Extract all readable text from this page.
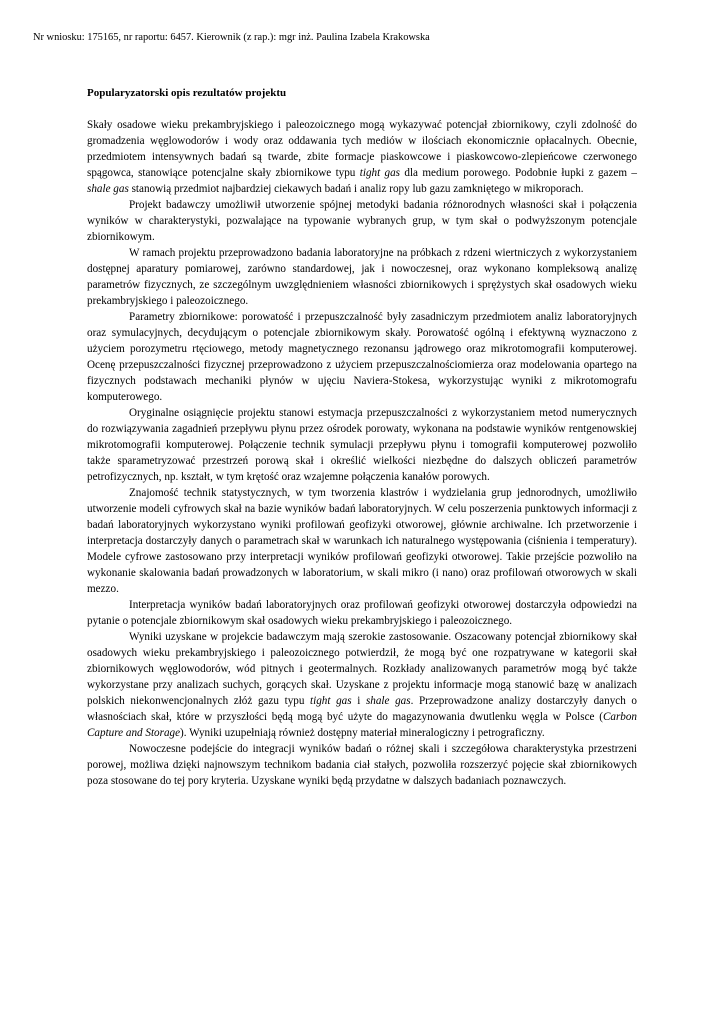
Nr wniosku: 175165, nr raportu: 6457. Kierownik (z rap.): mgr inż. Paulina Izabela Krakowska
Popularyzatorski opis rezultatów projektu

Skały osadowe wieku prekambryjskiego i paleozoicznego mogą wykazywać potencjał zbiornikowy, czyli zdolność do gromadzenia węglowodorów i wody oraz oddawania tych mediów w ilościach ekonomicznie opłacalnych. Obecnie, przedmiotem intensywnych badań są twarde, zbite formacje piaskowcowe i piaskowcowo-zlepieńcowe czerwonego spągowca, stanowiące potencjalne skały zbiornikowe typu tight gas dla medium porowego. Podobnie łupki z gazem – shale gas stanowią przedmiot najbardziej ciekawych badań i analiz ropy lub gazu zamkniętego w mikroporach.

Projekt badawczy umożliwił utworzenie spójnej metodyki badania różnorodnych własności skał i połączenia wyników w charakterystyki, pozwalające na typowanie wybranych grup, w tym skał o podwyższonym potencjale zbiornikowym.

W ramach projektu przeprowadzono badania laboratoryjne na próbkach z rdzeni wiertniczych z wykorzystaniem dostępnej aparatury pomiarowej, zarówno standardowej, jak i nowoczesnej, oraz wykonano kompleksową analizę parametrów fizycznych, ze szczególnym uwzględnieniem własności zbiornikowych i sprężystych skał osadowych wieku prekambryjskiego i paleozoicznego.

Parametry zbiornikowe: porowatość i przepuszczalność były zasadniczym przedmiotem analiz laboratoryjnych oraz symulacyjnych, decydującym o potencjale zbiornikowym skały. Porowatość ogólną i efektywną wyznaczono z użyciem porozymetru rtęciowego, metody magnetycznego rezonansu jądrowego oraz mikrotomografii komputerowej. Ocenę przepuszczalności fizycznej przeprowadzono z użyciem przepuszczalnościomierza oraz modelowania opartego na fizycznych podstawach mechaniki płynów w ujęciu Naviera-Stokesa, wykorzystując wyniki z mikrotomografu komputerowego.

Oryginalne osiągnięcie projektu stanowi estymacja przepuszczalności z wykorzystaniem metod numerycznych do rozwiązywania zagadnień przepływu płynu przez ośrodek porowaty, wykonana na podstawie wyników rentgenowskiej mikrotomografii komputerowej. Połączenie technik symulacji przepływu płynu i tomografii komputerowej pozwoliło także sparametryzować przestrzeń porową skał i określić wielkości niezbędne do dalszych obliczeń parametrów petrofizycznych, np. kształt, w tym krętość oraz wzajemne połączenia kanałów porowych.

Znajomość technik statystycznych, w tym tworzenia klastrów i wydzielania grup jednorodnych, umożliwiło utworzenie modeli cyfrowych skał na bazie wyników badań laboratoryjnych. W celu poszerzenia punktowych informacji z badań laboratoryjnych wykorzystano wyniki profilowań geofizyki otworowej, głównie archiwalne. Ich przetworzenie i interpretacja dostarczyły danych o parametrach skał w warunkach ich naturalnego występowania (ciśnienia i temperatury). Modele cyfrowe zastosowano przy interpretacji wyników profilowań geofizyki otworowej. Takie przejście pozwoliło na wykonanie skalowania badań prowadzonych w laboratorium, w skali mikro (i nano) oraz profilowań otworowych w skali mezzo.

Interpretacja wyników badań laboratoryjnych oraz profilowań geofizyki otworowej dostarczyła odpowiedzi na pytanie o potencjale zbiornikowym skał osadowych wieku prekambryjskiego i paleozoicznego.

Wyniki uzyskane w projekcie badawczym mają szerokie zastosowanie. Oszacowany potencjał zbiornikowy skał osadowych wieku prekambryjskiego i paleozoicznego potwierdził, że mogą być one rozpatrywane w kategorii skał zbiornikowych węglowodorów, wód pitnych i geotermalnych. Rozkłady analizowanych parametrów mogą być także wykorzystane przy analizach suchych, gorących skał. Uzyskane z projektu informacje mogą stanowić bazę w analizach polskich niekonwencjonalnych złóż gazu typu tight gas i shale gas. Przeprowadzone analizy dostarczyły danych o własnościach skał, które w przyszłości będą mogą być użyte do magazynowania dwutlenku węgla w Polsce (Carbon Capture and Storage). Wyniki uzupełniają również dostępny materiał mineralogiczny i petrograficzny.

Nowoczesne podejście do integracji wyników badań o różnej skali i szczegółowa charakterystyka przestrzeni porowej, możliwa dzięki najnowszym technikom badania ciał stałych, pozwoliła rozszerzyć pojęcie skał zbiornikowych poza stosowane do tej pory kryteria. Uzyskane wyniki będą przydatne w dalszych badaniach poznawczych.
